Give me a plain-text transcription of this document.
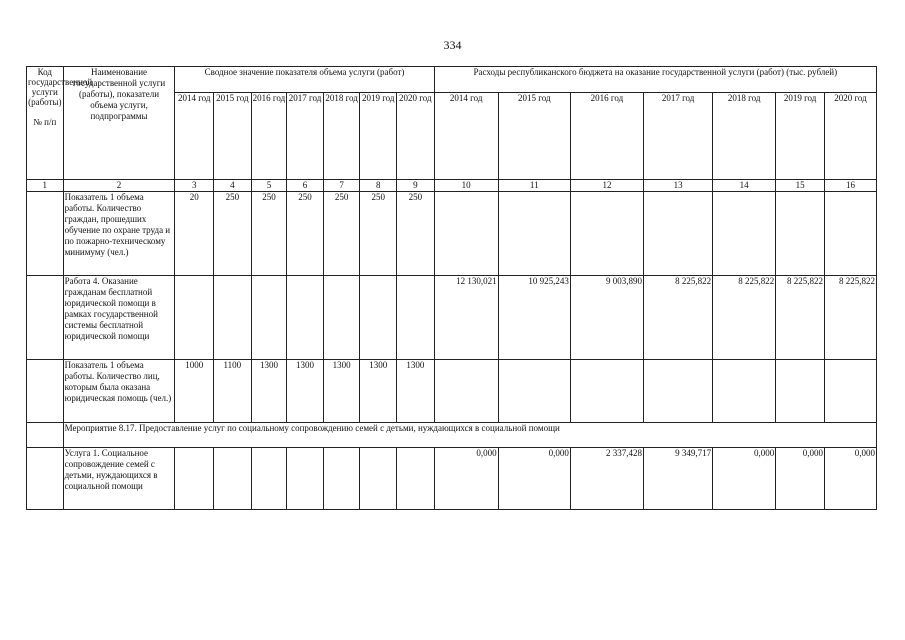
334
Код государственной услуги (работы)

№ п/п	Наименование государственной услуги (работы), показатели объема услуги, подпрограммы	Сводное значение показателя объема услуги (работ)							Расходы республиканского бюджета на оказание государственной услуги (работ) (тыс. рублей)						
		2014 год	2015 год	2016 год	2017 год	2018 год	2019 год	2020 год	2014 год	2015 год	2016 год	2017 год	2018 год	2019 год	2020 год
1	2	3	4	5	6	7	8	9	10	11	12	13	14	15	16
	Показатель 1 объема работы. Количество граждан, прошедших обучение по охране труда и по пожарно-техническому минимуму (чел.)	20	250	250	250	250	250	250							
	Работа 4. Оказание гражданам бесплатной юридической помощи в рамках государственной системы бесплатной юридической помощи								12 130,021	10 925,243	9 003,890	8 225,822	8 225,822	8 225,822	8 225,822
	Показатель 1 объема работы. Количество лиц, которым была оказана юридическая помощь (чел.)	1000	1100	1300	1300	1300	1300	1300							
	Мероприятие 8.17. Предоставление услуг по социальному сопровождению семей с детьми, нуждающихся в социальной помощи														
	Услуга 1. Социальное сопровождение семей с детьми, нуждающихся в социальной помощи								0,000	0,000	2 337,428	9 349,717	0,000	0,000	0,000
